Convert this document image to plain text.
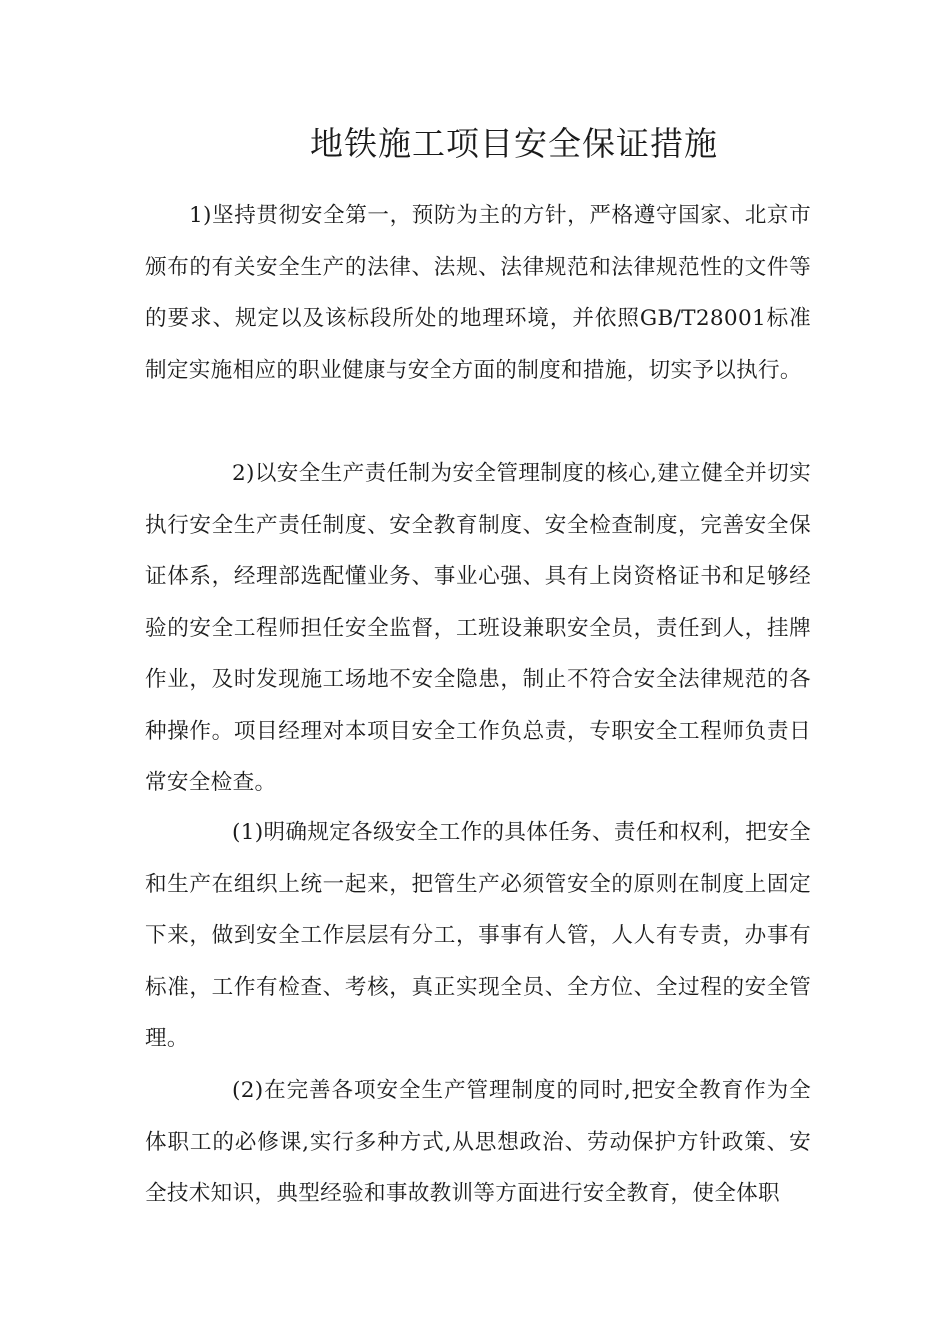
地铁施工项目安全保证措施

1)坚持贯彻安全第一，预防为主的方针，严格遵守国家、北京市颁布的有关安全生产的法律、法规、法律规范和法律规范性的文件等的要求、规定以及该标段所处的地理环境，并依照GB/T28001标准制定实施相应的职业健康与安全方面的制度和措施，切实予以执行。

2)以安全生产责任制为安全管理制度的核心,建立健全并切实执行安全生产责任制度、安全教育制度、安全检查制度，完善安全保证体系，经理部选配懂业务、事业心强、具有上岗资格证书和足够经验的安全工程师担任安全监督，工班设兼职安全员，责任到人，挂牌作业，及时发现施工场地不安全隐患，制止不符合安全法律规范的各种操作。项目经理对本项目安全工作负总责，专职安全工程师负责日常安全检查。

(1)明确规定各级安全工作的具体任务、责任和权利，把安全和生产在组织上统一起来，把管生产必须管安全的原则在制度上固定下来，做到安全工作层层有分工，事事有人管，人人有专责，办事有标准，工作有检查、考核，真正实现全员、全方位、全过程的安全管理。

(2)在完善各项安全生产管理制度的同时,把安全教育作为全体职工的必修课,实行多种方式,从思想政治、劳动保护方针政策、安全技术知识，典型经验和事故教训等方面进行安全教育，使全体职
